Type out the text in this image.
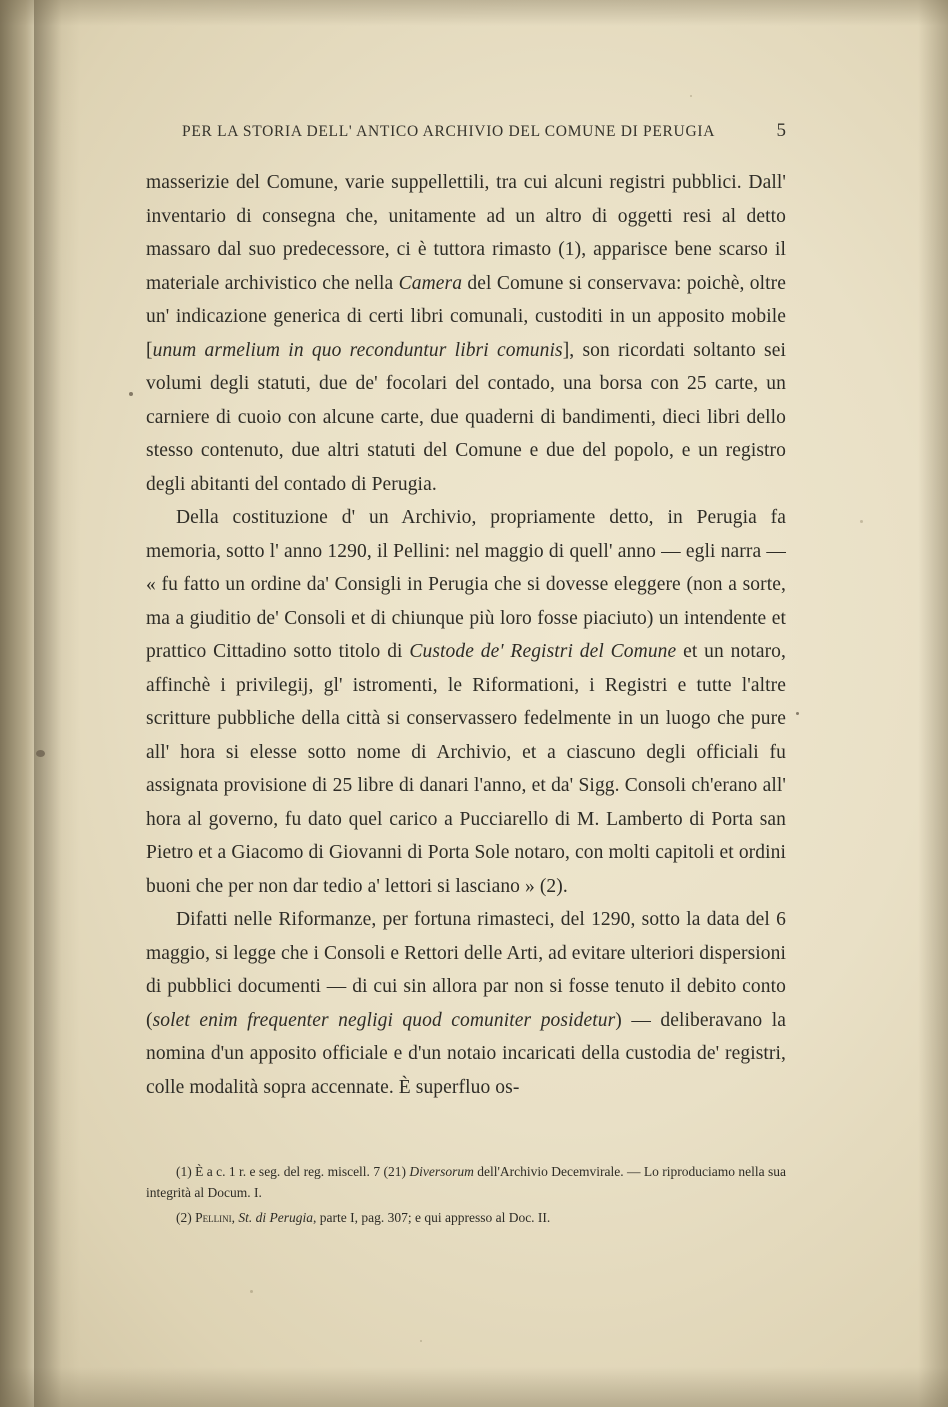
PER LA STORIA DELL' ANTICO ARCHIVIO DEL COMUNE DI PERUGIA	5

masserizie del Comune, varie suppellettili, tra cui alcuni registri pubblici. Dall' inventario di consegna che, unitamente ad un altro di oggetti resi al detto massaro dal suo predecessore, ci è tuttora rimasto (1), apparisce bene scarso il materiale archivistico che nella Camera del Comune si conservava: poichè, oltre un' indicazione generica di certi libri comunali, custoditi in un apposito mobile [unum armelium in quo reconduntur libri comunis], son ricordati soltanto sei volumi degli statuti, due de' focolari del contado, una borsa con 25 carte, un carniere di cuoio con alcune carte, due quaderni di bandimenti, dieci libri dello stesso contenuto, due altri statuti del Comune e due del popolo, e un registro degli abitanti del contado di Perugia.

Della costituzione d' un Archivio, propriamente detto, in Perugia fa memoria, sotto l' anno 1290, il Pellini: nel maggio di quell' anno — egli narra — « fu fatto un ordine da' Consigli in Perugia che si dovesse eleggere (non a sorte, ma a giuditio de' Consoli et di chiunque più loro fosse piaciuto) un intendente et prattico Cittadino sotto titolo di Custode de' Registri del Comune et un notaro, affinchè i privilegij, gl' istromenti, le Riformationi, i Registri e tutte l'altre scritture pubbliche della città si conservassero fedelmente in un luogo che pure all' hora si elesse sotto nome di Archivio, et a ciascuno degli officiali fu assignata provisione di 25 libre di danari l'anno, et da' Sigg. Consoli ch'erano all' hora al governo, fu dato quel carico a Pucciarello di M. Lamberto di Porta san Pietro et a Giacomo di Giovanni di Porta Sole notaro, con molti capitoli et ordini buoni che per non dar tedio a' lettori si lasciano » (2).

Difatti nelle Riformanze, per fortuna rimasteci, del 1290, sotto la data del 6 maggio, si legge che i Consoli e Rettori delle Arti, ad evitare ulteriori dispersioni di pubblici documenti — di cui sin allora par non si fosse tenuto il debito conto (solet enim frequenter negligi quod comuniter posidetur) — deliberavano la nomina d'un apposito officiale e d'un notaio incaricati della custodia de' registri, colle modalità sopra accennate. È superfluo os-

(1) È a c. 1 r. e seg. del reg. miscell. 7 (21) Diversorum dell'Archivio Decemvirale. — Lo riproduciamo nella sua integrità al Docum. I.

(2) Pellini, St. di Perugia, parte I, pag. 307; e qui appresso al Doc. II.
